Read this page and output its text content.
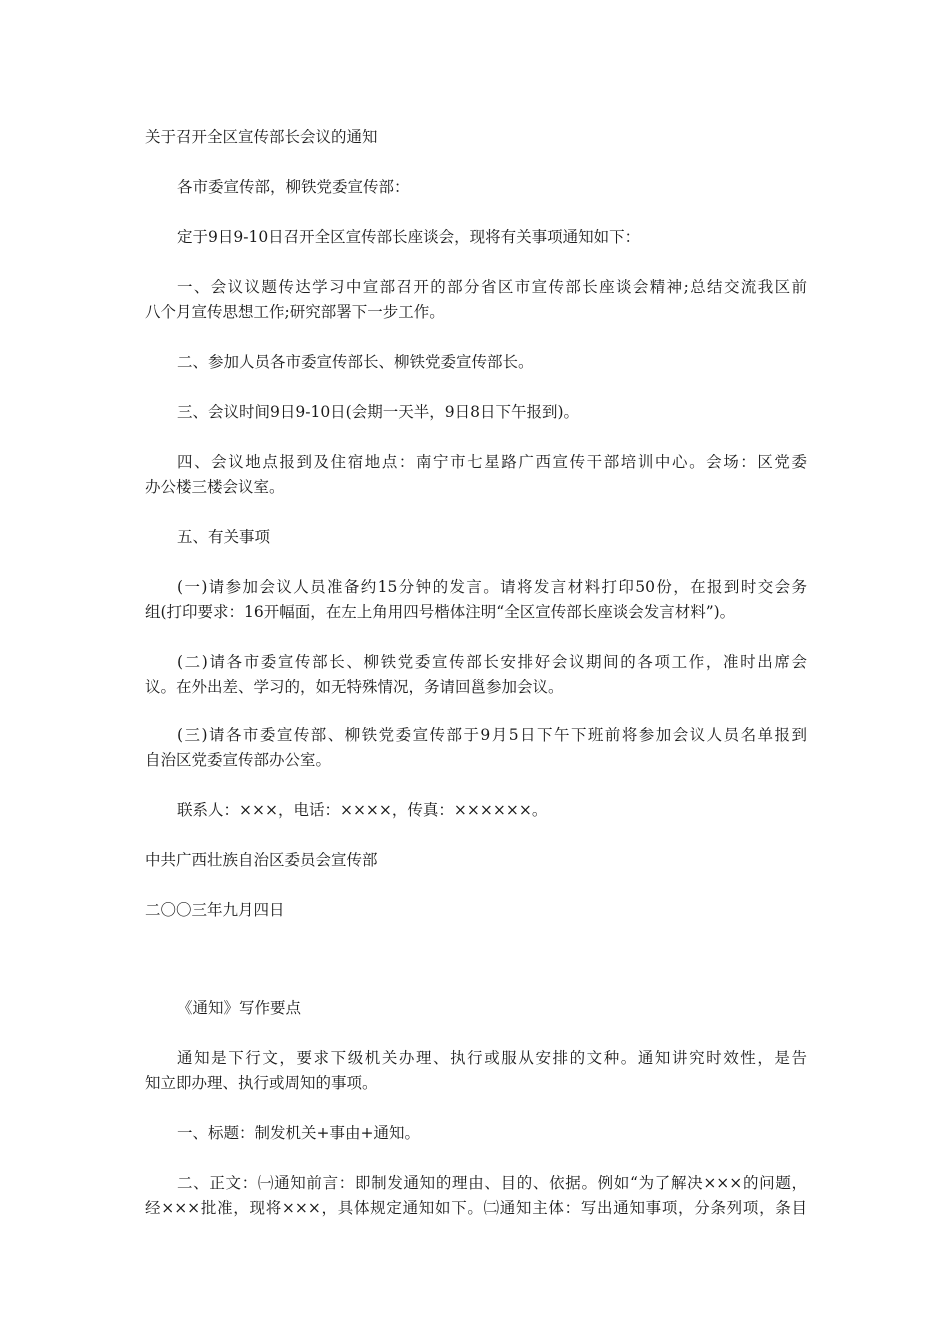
关于召开全区宣传部长会议的通知
各市委宣传部，柳铁党委宣传部：
定于9日9-10日召开全区宣传部长座谈会，现将有关事项通知如下：
一、会议议题传达学习中宣部召开的部分省区市宣传部长座谈会精神;总结交流我区前
八个月宣传思想工作;研究部署下一步工作。
二、参加人员各市委宣传部长、柳铁党委宣传部长。
三、会议时间9日9-10日(会期一天半，9日8日下午报到)。
四、会议地点报到及住宿地点：南宁市七星路广西宣传干部培训中心。会场：区党委
办公楼三楼会议室。
五、有关事项
(一)请参加会议人员准备约15分钟的发言。请将发言材料打印50份，在报到时交会务
组(打印要求：16开幅面，在左上角用四号楷体注明“全区宣传部长座谈会发言材料”)。
(二)请各市委宣传部长、柳铁党委宣传部长安排好会议期间的各项工作，准时出席会
议。在外出差、学习的，如无特殊情况，务请回邕参加会议。
(三)请各市委宣传部、柳铁党委宣传部于9月5日下午下班前将参加会议人员名单报到
自治区党委宣传部办公室。
联系人：×××，电话：××××，传真：××××××。
中共广西壮族自治区委员会宣传部
二〇〇三年九月四日
《通知》写作要点
通知是下行文，要求下级机关办理、执行或服从安排的文种。通知讲究时效性，是告
知立即办理、执行或周知的事项。
一、标题：制发机关+事由+通知。
二、正文：㈠通知前言：即制发通知的理由、目的、依据。例如“为了解决×××的问题，
经×××批准，现将×××，具体规定通知如下。㈡通知主体：写出通知事项，分条列项，条目
